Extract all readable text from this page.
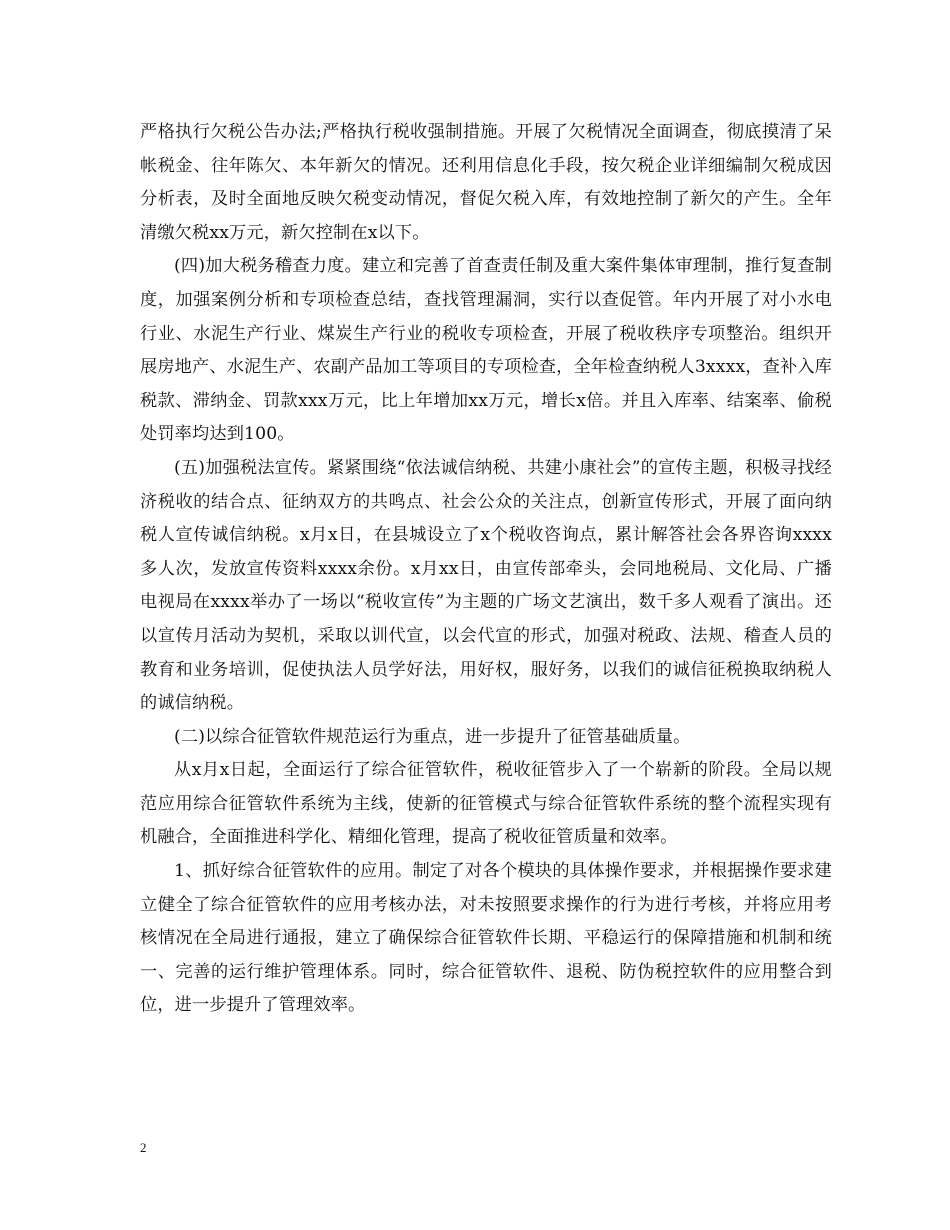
严格执行欠税公告办法;严格执行税收强制措施。开展了欠税情况全面调查，彻底摸清了呆帐税金、往年陈欠、本年新欠的情况。还利用信息化手段，按欠税企业详细编制欠税成因分析表，及时全面地反映欠税变动情况，督促欠税入库，有效地控制了新欠的产生。全年清缴欠税xx万元，新欠控制在x以下。

(四)加大税务稽查力度。建立和完善了首查责任制及重大案件集体审理制，推行复查制度，加强案例分析和专项检查总结，查找管理漏洞，实行以查促管。年内开展了对小水电行业、水泥生产行业、煤炭生产行业的税收专项检查，开展了税收秩序专项整治。组织开展房地产、水泥生产、农副产品加工等项目的专项检查，全年检查纳税人3xxxx，查补入库税款、滞纳金、罚款xxx万元，比上年增加xx万元，增长x倍。并且入库率、结案率、偷税处罚率均达到100。

(五)加强税法宣传。紧紧围绕“依法诚信纳税、共建小康社会”的宣传主题，积极寻找经济税收的结合点、征纳双方的共鸣点、社会公众的关注点，创新宣传形式，开展了面向纳税人宣传诚信纳税。x月x日，在县城设立了x个税收咨询点，累计解答社会各界咨询xxxx多人次，发放宣传资料xxxx余份。x月xx日，由宣传部牵头，会同地税局、文化局、广播电视局在xxxx举办了一场以“税收宣传”为主题的广场文艺演出，数千多人观看了演出。还以宣传月活动为契机，采取以训代宣，以会代宣的形式，加强对税政、法规、稽查人员的教育和业务培训，促使执法人员学好法，用好权，服好务，以我们的诚信征税换取纳税人的诚信纳税。

(二)以综合征管软件规范运行为重点，进一步提升了征管基础质量。

从x月x日起，全面运行了综合征管软件，税收征管步入了一个崭新的阶段。全局以规范应用综合征管软件系统为主线，使新的征管模式与综合征管软件系统的整个流程实现有机融合，全面推进科学化、精细化管理，提高了税收征管质量和效率。

1、抓好综合征管软件的应用。制定了对各个模块的具体操作要求，并根据操作要求建立健全了综合征管软件的应用考核办法，对未按照要求操作的行为进行考核，并将应用考核情况在全局进行通报，建立了确保综合征管软件长期、平稳运行的保障措施和机制和统一、完善的运行维护管理体系。同时，综合征管软件、退税、防伪税控软件的应用整合到位，进一步提升了管理效率。

2
